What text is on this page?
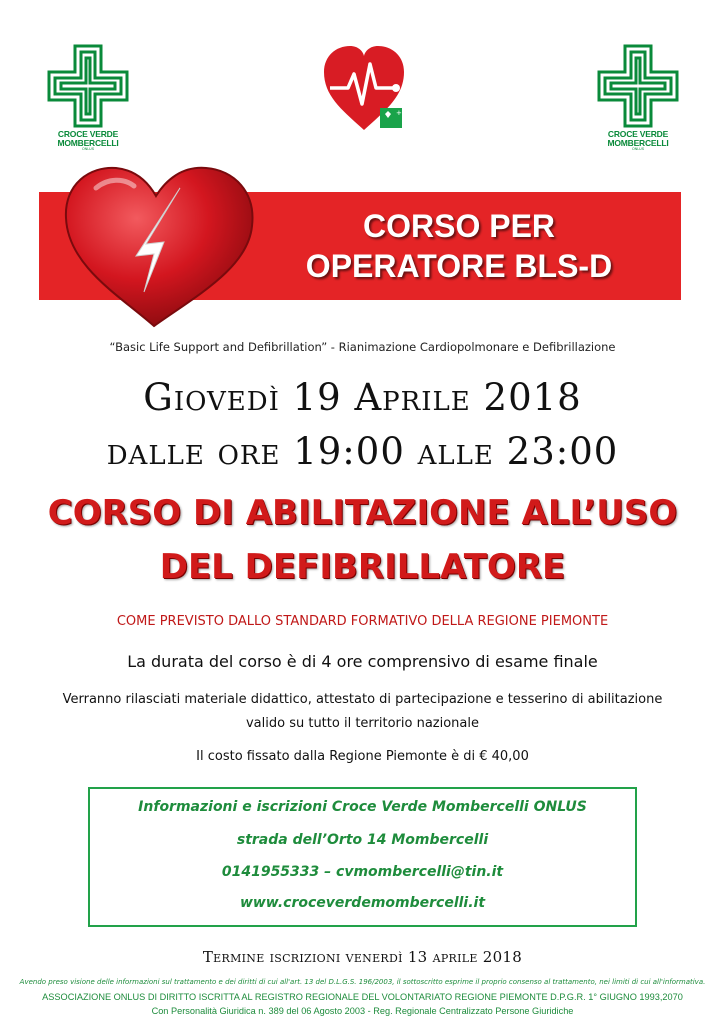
CROCE VERDE MOMBERCELLI
ONLUS
CROCE VERDE MOMBERCELLI
ONLUS
+
DAE
CORSO PER
OPERATORE BLS-D
“Basic Life Support and Defibrillation” - Rianimazione Cardiopolmonare e Defibrillazione
Giovedì 19 Aprile 2018
dalle ore 19:00 alle 23:00
CORSO DI ABILITAZIONE ALL’USO
DEL DEFIBRILLATORE
COME PREVISTO DALLO STANDARD FORMATIVO DELLA REGIONE PIEMONTE
La durata del corso è di 4 ore comprensivo di esame finale
Verranno rilasciati materiale didattico, attestato di partecipazione e tesserino di abilitazione
valido su tutto il territorio nazionale
Il costo fissato dalla Regione Piemonte è di € 40,00
Informazioni e iscrizioni Croce Verde Mombercelli ONLUS
strada dell’Orto 14 Mombercelli
0141955333 – cvmombercelli@tin.it
www.croceverdemombercelli.it
Termine iscrizioni venerdì 13 aprile 2018
Avendo preso visione delle informazioni sul trattamento e dei diritti di cui all'art. 13 del D.L.G.S. 196/2003, il sottoscritto esprime il proprio consenso al trattamento, nei limiti di cui all'informativa.
ASSOCIAZIONE ONLUS DI DIRITTO ISCRITTA AL REGISTRO REGIONALE DEL VOLONTARIATO REGIONE PIEMONTE D.P.G.R. 1° GIUGNO 1993,2070
Con Personalità Giuridica n. 389 del 06 Agosto 2003 - Reg. Regionale Centralizzato Persone Giuridiche
